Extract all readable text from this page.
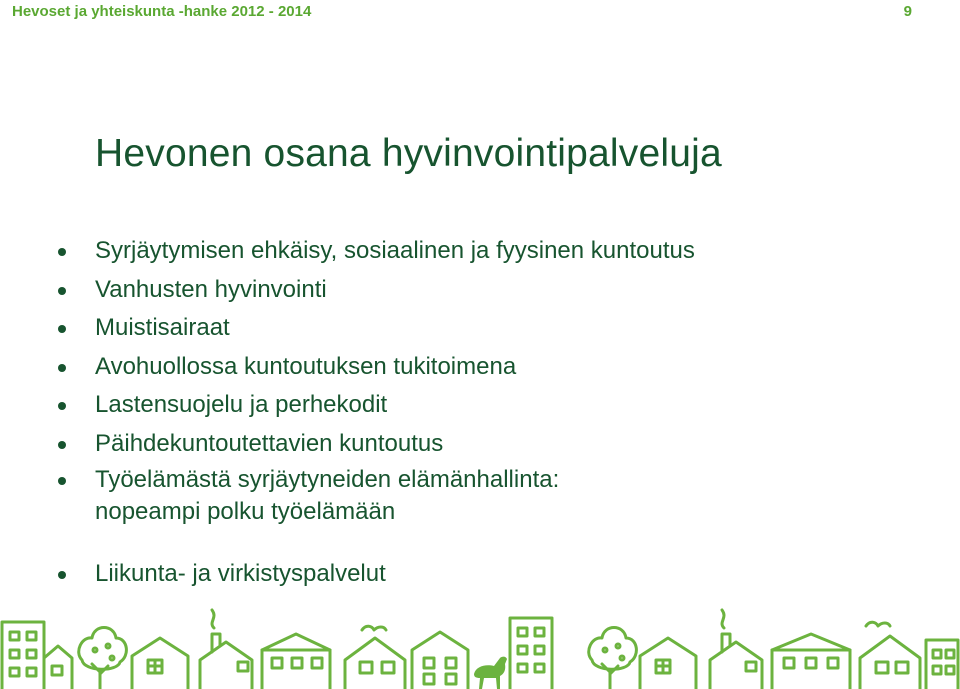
Hevoset ja yhteiskunta -hanke 2012 - 2014	9
Hevonen osana hyvinvointipalveluja
Syrjäytymisen ehkäisy, sosiaalinen ja fyysinen kuntoutus
Vanhusten hyvinvointi
Muistisairaat
Avohuollossa kuntoutuksen tukitoimena
Lastensuojelu ja perhekodit
Päihdekuntoutettavien kuntoutus
Työelämästä syrjäytyneiden elämänhallinta:
nopeampi polku työelämään
Liikunta- ja virkistyspalvelut
